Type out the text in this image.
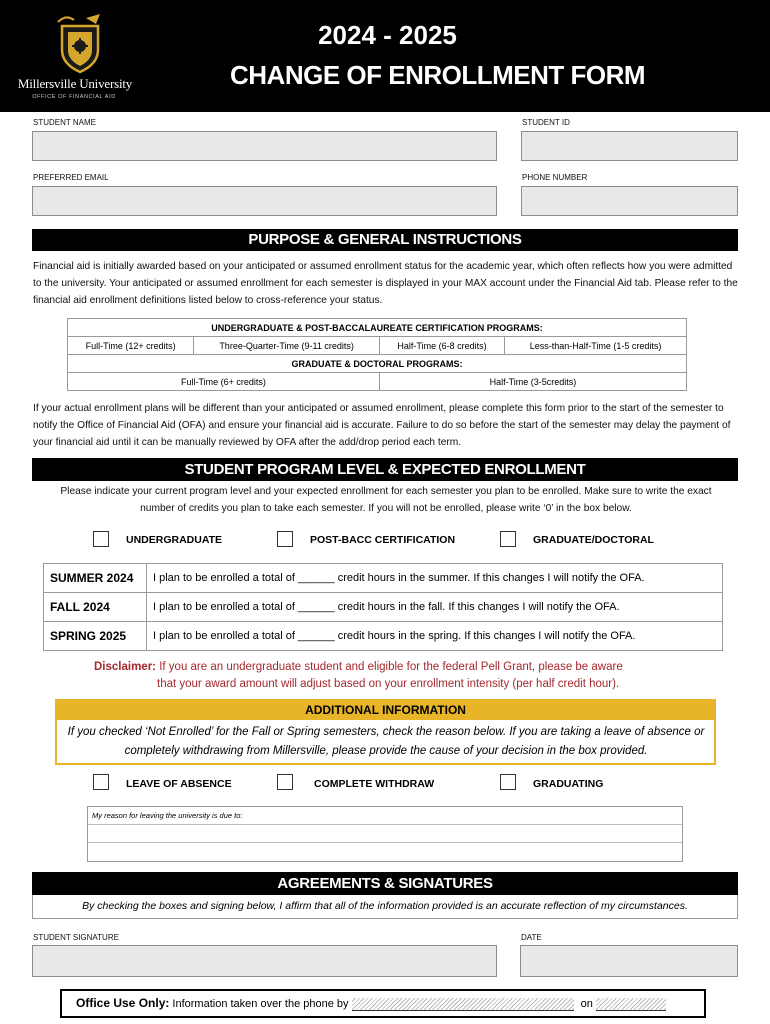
Millersville University
OFFICE OF FINANCIAL AID
2024 - 2025
CHANGE OF ENROLLMENT FORM
STUDENT NAME	STUDENT ID
PREFERRED EMAIL	PHONE NUMBER
PURPOSE & GENERAL INSTRUCTIONS
Financial aid is initially awarded based on your anticipated or assumed enrollment status for the academic year, which often reflects how you were admitted to the university. Your anticipated or assumed enrollment for each semester is displayed in your MAX account under the Financial Aid tab. Please refer to the financial aid enrollment definitions listed below to cross-reference your status.
UNDERGRADUATE & POST-BACCALAUREATE CERTIFICATION PROGRAMS:			
Full-Time (12+ credits)	Three-Quarter-Time (9-11 credits)	Half-Time (6-8 credits)	Less-than-Half-Time (1-5 credits)
GRADUATE & DOCTORAL PROGRAMS:			
Full-Time (6+ credits)		Half-Time (3-5credits)	
If your actual enrollment plans will be different than your anticipated or assumed enrollment, please complete this form prior to the start of the semester to notify the Office of Financial Aid (OFA) and ensure your financial aid is accurate. Failure to do so before the start of the semester may delay the payment of your financial aid until it can be manually reviewed by OFA after the add/drop period each term.
STUDENT PROGRAM LEVEL & EXPECTED ENROLLMENT
Please indicate your current program level and your expected enrollment for each semester you plan to be enrolled. Make sure to write the exact number of credits you plan to take each semester. If you will not be enrolled, please write ‘0’ in the box below.
UNDERGRADUATE	POST-BACC CERTIFICATION	GRADUATE/DOCTORAL
SUMMER 2024	I plan to be enrolled a total of ______ credit hours in the summer. If this changes I will notify the OFA.
FALL 2024	I plan to be enrolled a total of ______ credit hours in the fall. If this changes I will notify the OFA.
SPRING 2025	I plan to be enrolled a total of ______ credit hours in the spring. If this changes I will notify the OFA.
Disclaimer: If you are an undergraduate student and eligible for the federal Pell Grant, please be aware
that your award amount will adjust based on your enrollment intensity (per half credit hour).
ADDITIONAL INFORMATION
If you checked ‘Not Enrolled’ for the Fall or Spring semesters, check the reason below. If you are taking a leave of absence or completely withdrawing from Millersville, please provide the cause of your decision in the box provided.
LEAVE OF ABSENCE	COMPLETE WITHDRAW	GRADUATING
My reason for leaving the university is due to:
AGREEMENTS & SIGNATURES
By checking the boxes and signing below, I affirm that all of the information provided is an accurate reflection of my circumstances.
STUDENT SIGNATURE	DATE
Office Use Only: Information taken over the phone by	on
